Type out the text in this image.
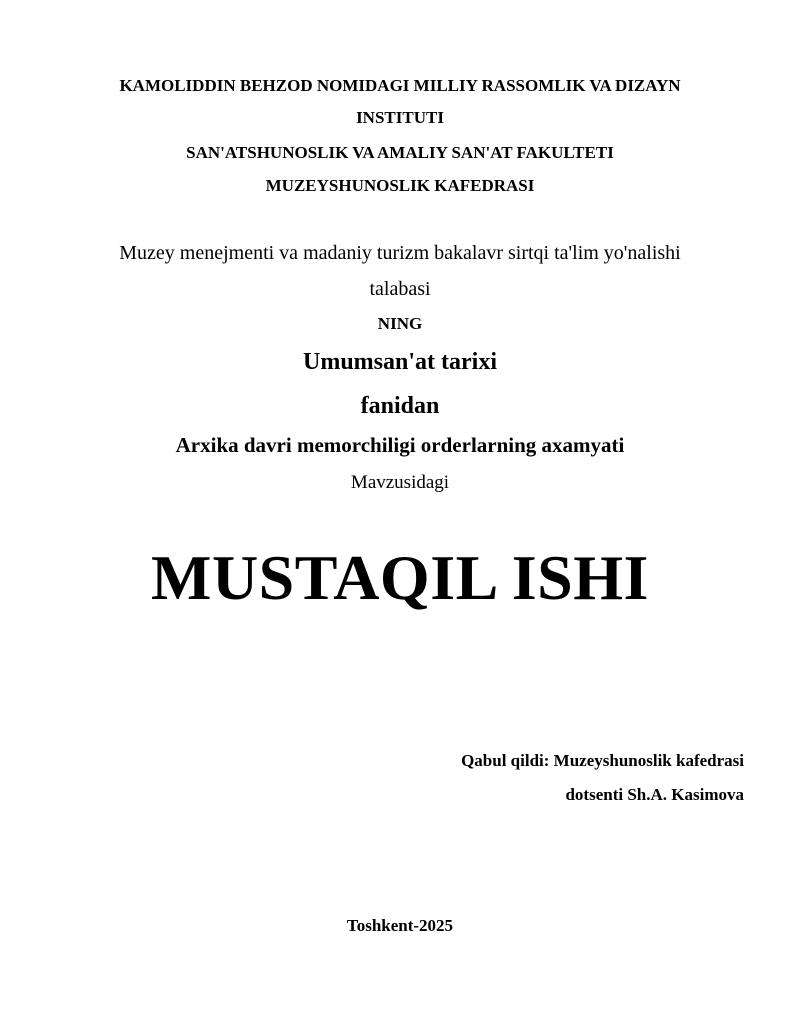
KAMOLIDDIN BEHZOD NOMIDAGI MILLIY RASSOMLIK VA DIZAYN
INSTITUTI
SAN'ATSHUNOSLIK VA AMALIY SAN'AT FAKULTETI
MUZEYSHUNOSLIK KAFEDRASI
Muzey menejmenti va madaniy turizm bakalavr sirtqi ta'lim yo'nalishi
talabasi
NING
Umumsan'at tarixi
fanidan
Arxika davri memorchiligi orderlarning axamyati
Mavzusidagi
MUSTAQIL ISHI
Qabul qildi: Muzeyshunoslik kafedrasi
dotsenti Sh.A. Kasimova
Toshkent-2025
